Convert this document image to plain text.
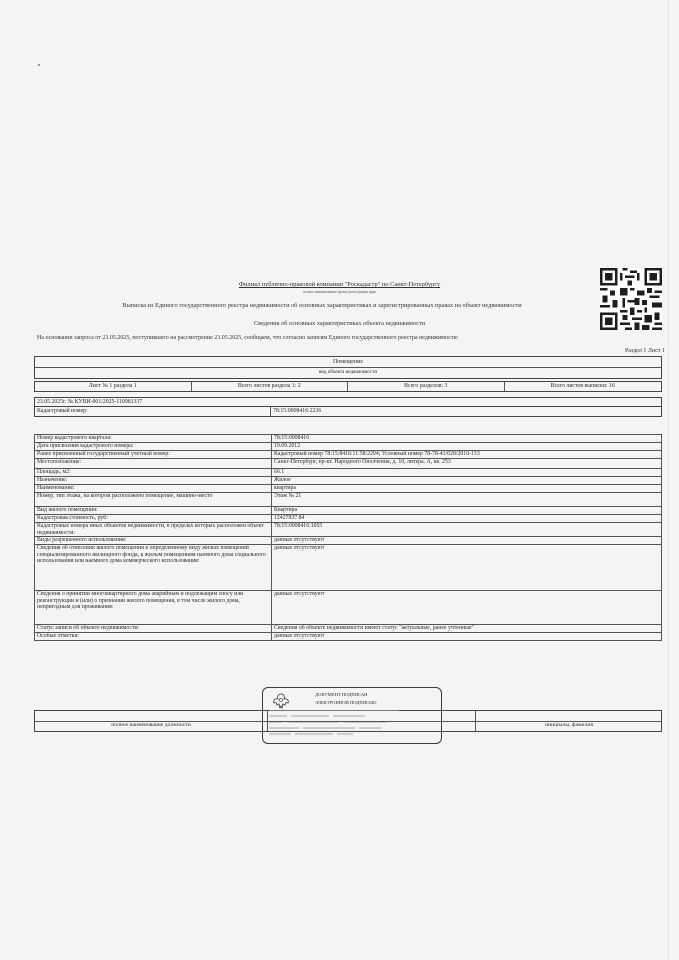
Филиал публично-правовой компании "Роскадастр" по Санкт-Петербургу
полное наименование органа регистрации прав
Выписка из Единого государственного реестра недвижимости об основных характеристиках и зарегистрированных правах на объект недвижимости
Сведения об основных характеристиках объекта недвижимости
На основании запроса от 23.05.2025, поступившего на рассмотрение 23.05.2025, сообщаем, что согласно записям Единого государственного реестра недвижимости:
Раздел 1 Лист 1
Помещение
вид объекта недвижимости
Лист № 1 раздела 1	Всего листов раздела 1: 2	Всего разделов: 3	Всего листов выписки: 16
23.05.2025г. № КУВИ-001/2025-110981337
Кадастровый номер:	78:15:0008416:2236
Номер кадастрового квартала:	78:15:0008416
Дата присвоения кадастрового номера:	19.09.2012
Ранее присвоенный государственный учетный номер:	Кадастровый номер 78:15:8416:11:58:2294; Условный номер 78-78-41/028/2010-153
Местоположение:	Санкт-Петербург, пр-кт. Народного Ополчения, д. 10, литера. А, кв. 253
Площадь, м2:	66.1
Назначение:	Жилое
Наименование:	квартира
Номер, тип этажа, на котором расположено помещение, машино-место	Этаж № 21
Вид жилого помещения:	Квартира
Кадастровая стоимость, руб:	12427837.84
Кадастровые номера иных объектов недвижимости, в пределах которых расположен объект недвижимости:	78:15:0008416:1055
Виды разрешенного использования:	данные отсутствуют
Сведения об отнесении жилого помещения к определенному виду жилых помещений специализированного жилищного фонда, к жилым помещениям наемного дома социального использования или наемного дома коммерческого использования:	данные отсутствуют
Сведения о принятии многоквартирного дома аварийным и подлежащим сносу или реконструкции и (или) о признании жилого помещения, в том числе жилого дома, непригодным для проживания:	данные отсутствуют
Статус записи об объекте недвижимости:	Сведения об объекте недвижимости имеют статус "актуальные, ранее учтенные"
Особые отметки:	данные отсутствуют
полное наименование должности	инициалы, фамилия
ДОКУМЕНТ ПОДПИСАН
ЭЛЕКТРОННОЙ ПОДПИСЬЮ
